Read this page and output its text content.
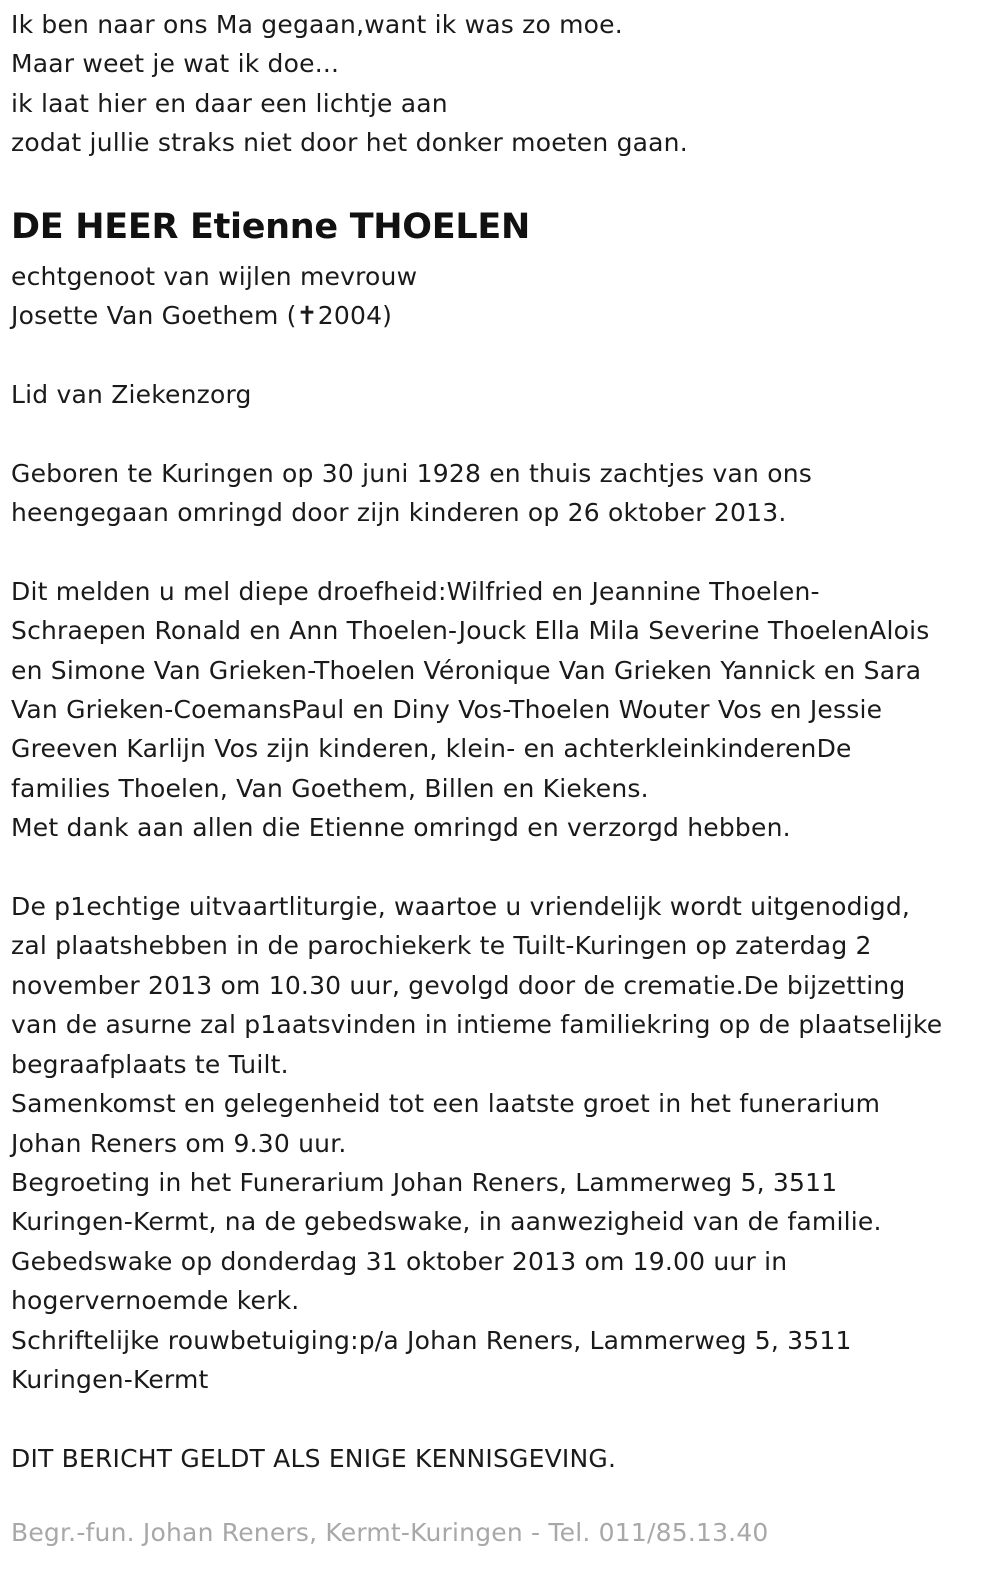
Ik ben naar ons Ma gegaan,want ik was zo moe.
Maar weet je wat ik doe...
ik laat hier en daar een lichtje aan
zodat jullie straks niet door het donker moeten gaan.
DE HEER Etienne THOELEN
echtgenoot van wijlen mevrouw
Josette Van Goethem (✝2004)
Lid van Ziekenzorg
Geboren te Kuringen op 30 juni 1928 en thuis zachtjes van ons
heengegaan omringd door zijn kinderen op 26 oktober 2013.
Dit melden u mel diepe droefheid:Wilfried en Jeannine Thoelen-
Schraepen Ronald en Ann Thoelen-Jouck Ella Mila Severine ThoelenAlois
en Simone Van Grieken-Thoelen Véronique Van Grieken Yannick en Sara
Van Grieken-CoemansPaul en Diny Vos-Thoelen Wouter Vos en Jessie
Greeven Karlijn Vos zijn kinderen, klein- en achterkleinkinderenDe
families Thoelen, Van Goethem, Billen en Kiekens.
Met dank aan allen die Etienne omringd en verzorgd hebben.
De p1echtige uitvaartliturgie, waartoe u vriendelijk wordt uitgenodigd,
zal plaatshebben in de parochiekerk te Tuilt-Kuringen op zaterdag 2
november 2013 om 10.30 uur, gevolgd door de crematie.De bijzetting
van de asurne zal p1aatsvinden in intieme familiekring op de plaatselijke
begraafplaats te Tuilt.
Samenkomst en gelegenheid tot een laatste groet in het funerarium
Johan Reners om 9.30 uur.
Begroeting in het Funerarium Johan Reners, Lammerweg 5, 3511
Kuringen-Kermt, na de gebedswake, in aanwezigheid van de familie.
Gebedswake op donderdag 31 oktober 2013 om 19.00 uur in
hogervernoemde kerk.
Schriftelijke rouwbetuiging:p/a Johan Reners, Lammerweg 5, 3511
Kuringen-Kermt
DIT BERICHT GELDT ALS ENIGE KENNISGEVING.
Begr.-fun. Johan Reners, Kermt-Kuringen - Tel. 011/85.13.40
